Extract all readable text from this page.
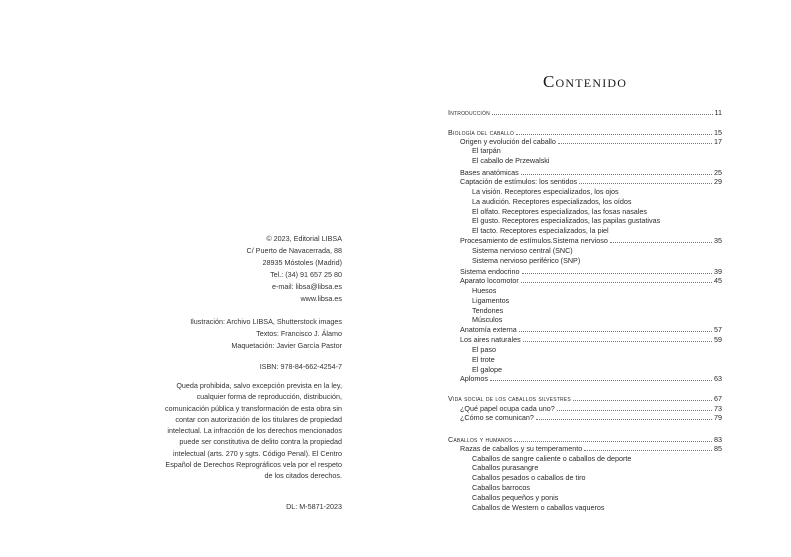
© 2023, Editorial LIBSA
C/ Puerto de Navacerrada, 88
28935 Móstoles (Madrid)
Tel.: (34) 91 657 25 80
e-mail: libsa@libsa.es
www.libsa.es
Ilustración: Archivo LIBSA, Shutterstock images
Textos: Francisco J. Álamo
Maquetación: Javier García Pastor
ISBN: 978-84-662-4254-7
Queda prohibida, salvo excepción prevista en la ley, cualquier forma de reproducción, distribución, comunicación pública y transformación de esta obra sin contar con autorización de los titulares de propiedad intelectual. La infracción de los derechos mencionados puede ser constitutiva de delito contra la propiedad intelectual (arts. 270 y sgts. Código Penal). El Centro Español de Derechos Reprográficos vela por el respeto de los citados derechos.
DL: M-5871-2023
Contenido
Introducción	11
Biología del caballo	15
Origen y evolución del caballo	17
El tarpán
El caballo de Przewalski
Bases anatómicas	25
Captación de estímulos: los sentidos	29
La visión. Receptores especializados, los ojos
La audición. Receptores especializados, los oídos
El olfato. Receptores especializados, las fosas nasales
El gusto. Receptores especializados, las papilas gustativas
El tacto. Receptores especializados, la piel
Procesamiento de estímulos.Sistema nervioso	35
Sistema nervioso central (SNC)
Sistema nervioso periférico (SNP)
Sistema endocrino	39
Aparato locomotor	45
Huesos
Ligamentos
Tendones
Músculos
Anatomía externa	57
Los aires naturales	59
El paso
El trote
El galope
Aplomos	63
Vida social de los caballos silvestres	67
¿Qué papel ocupa cada uno?	73
¿Cómo se comunican?	79
Caballos y humanos	83
Razas de caballos y su temperamento	85
Caballos de sangre caliente o caballos de deporte
Caballos purasangre
Caballos pesados o caballos de tiro
Caballos barrocos
Caballos pequeños y ponis
Caballos de Western o caballos vaqueros
